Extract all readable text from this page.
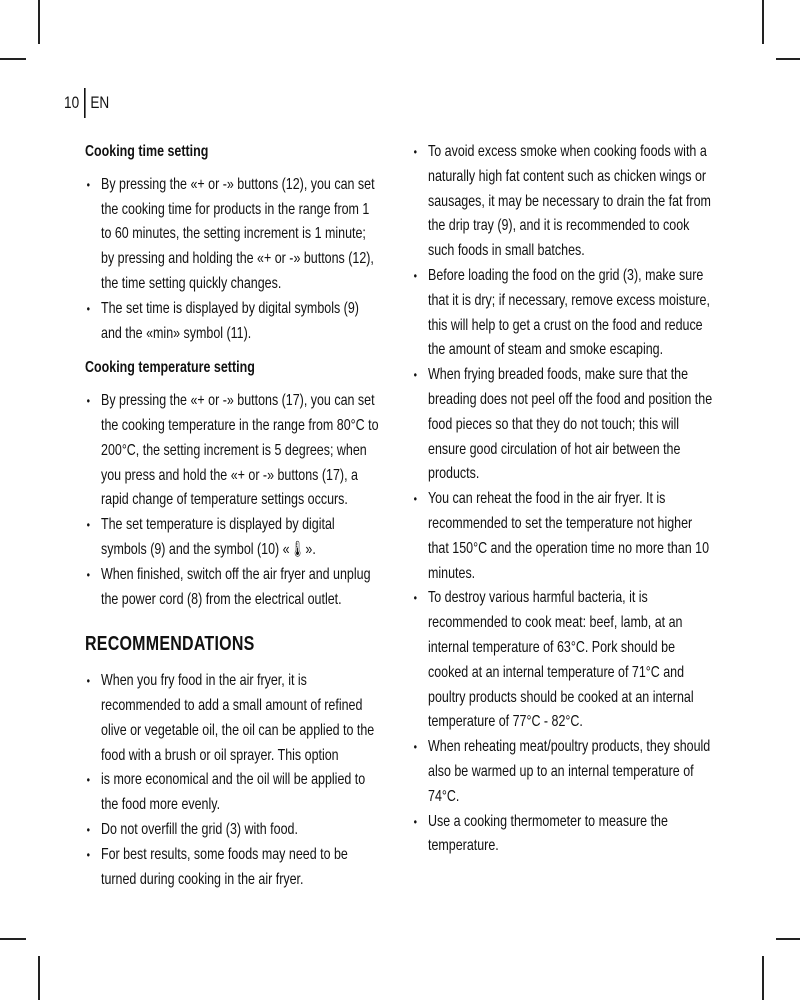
10 EN
Cooking time setting
• By pressing the «+ or -» buttons (12), you can set the cooking time for products in the range from 1 to 60 minutes, the setting increment is 1 minute; by pressing and holding the «+ or -» buttons (12), the time setting quickly changes.
• The set time is displayed by digital symbols (9) and the «min» symbol (11).
Cooking temperature setting
• By pressing the «+ or -» buttons (17), you can set the cooking temperature in the range from 80°C to 200°C, the setting increment is 5 degrees; when you press and hold the «+ or -» buttons (17), a rapid change of temperature settings occurs.
• The set temperature is displayed by digital symbols (9) and the symbol (10) «🌡».
• When finished, switch off the air fryer and unplug the power cord (8) from the electrical outlet.
RECOMMENDATIONS
• When you fry food in the air fryer, it is recommended to add a small amount of refined olive or vegetable oil, the oil can be applied to the food with a brush or oil sprayer. This option
• is more economical and the oil will be applied to the food more evenly.
• Do not overfill the grid (3) with food.
• For best results, some foods may need to be turned during cooking in the air fryer.
• To avoid excess smoke when cooking foods with a naturally high fat content such as chicken wings or sausages, it may be necessary to drain the fat from the drip tray (9), and it is recommended to cook such foods in small batches.
• Before loading the food on the grid (3), make sure that it is dry; if necessary, remove excess moisture, this will help to get a crust on the food and reduce the amount of steam and smoke escaping.
• When frying breaded foods, make sure that the breading does not peel off the food and position the food pieces so that they do not touch; this will ensure good circulation of hot air between the products.
• You can reheat the food in the air fryer. It is recommended to set the temperature not higher that 150°C and the operation time no more than 10 minutes.
• To destroy various harmful bacteria, it is recommended to cook meat: beef, lamb, at an internal temperature of 63°C. Pork should be cooked at an internal temperature of 71°C and poultry products should be cooked at an internal temperature of 77°C - 82°C.
• When reheating meat/poultry products, they should also be warmed up to an internal temperature of 74°C.
• Use a cooking thermometer to measure the temperature.
